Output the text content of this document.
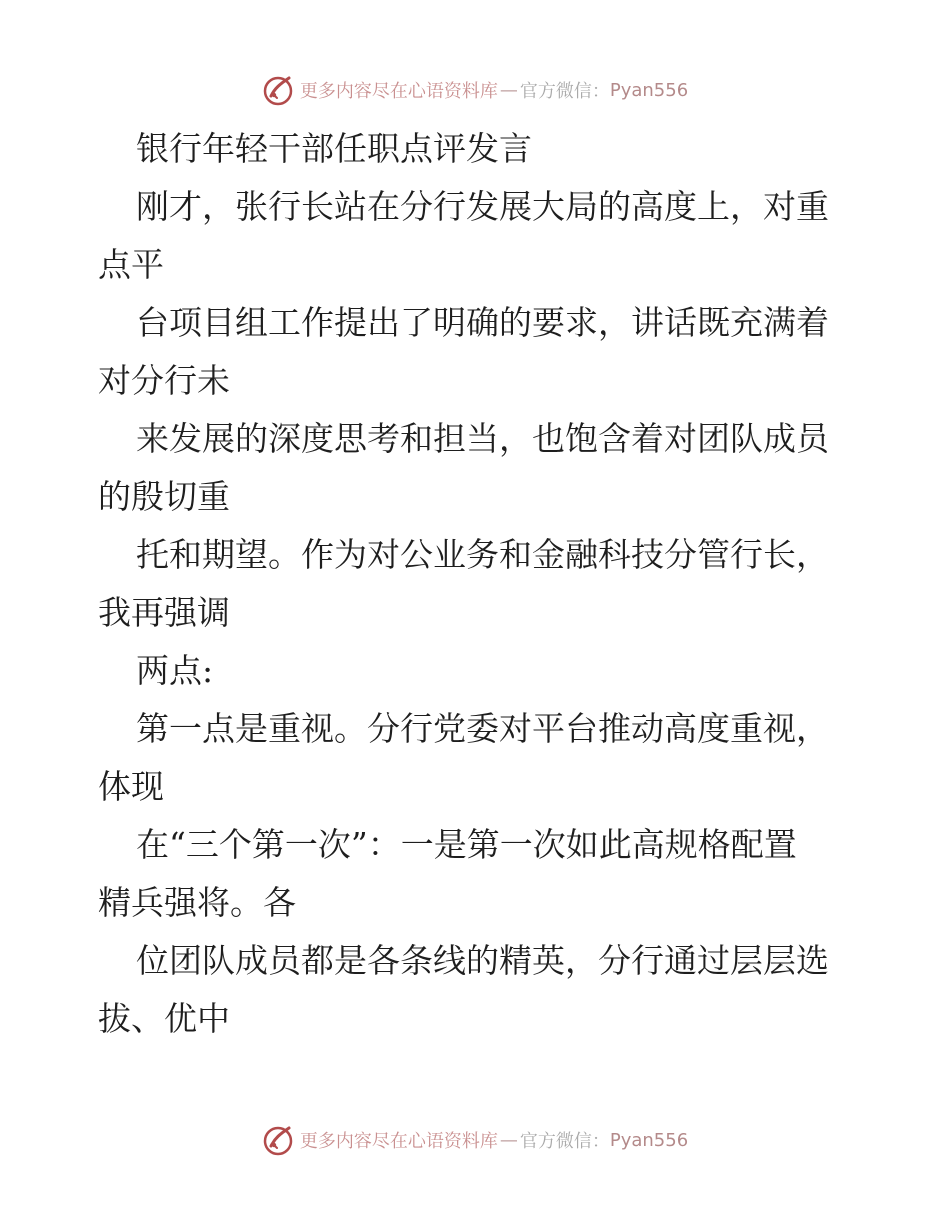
更多内容尽在心语资料库 — 官方微信： Pyan556
银行年轻干部任职点评发言
刚才，张行长站在分行发展大局的高度上，对重
点平
台项目组工作提出了明确的要求，讲话既充满着
对分行未
来发展的深度思考和担当，也饱含着对团队成员
的殷切重
托和期望。作为对公业务和金融科技分管行长，
我再强调
两点:
第一点是重视。分行党委对平台推动高度重视，
体现
在“三个第一次”：一是第一次如此高规格配置
精兵强将。各
位团队成员都是各条线的精英，分行通过层层选
拔、优中
更多内容尽在心语资料库 — 官方微信： Pyan556
